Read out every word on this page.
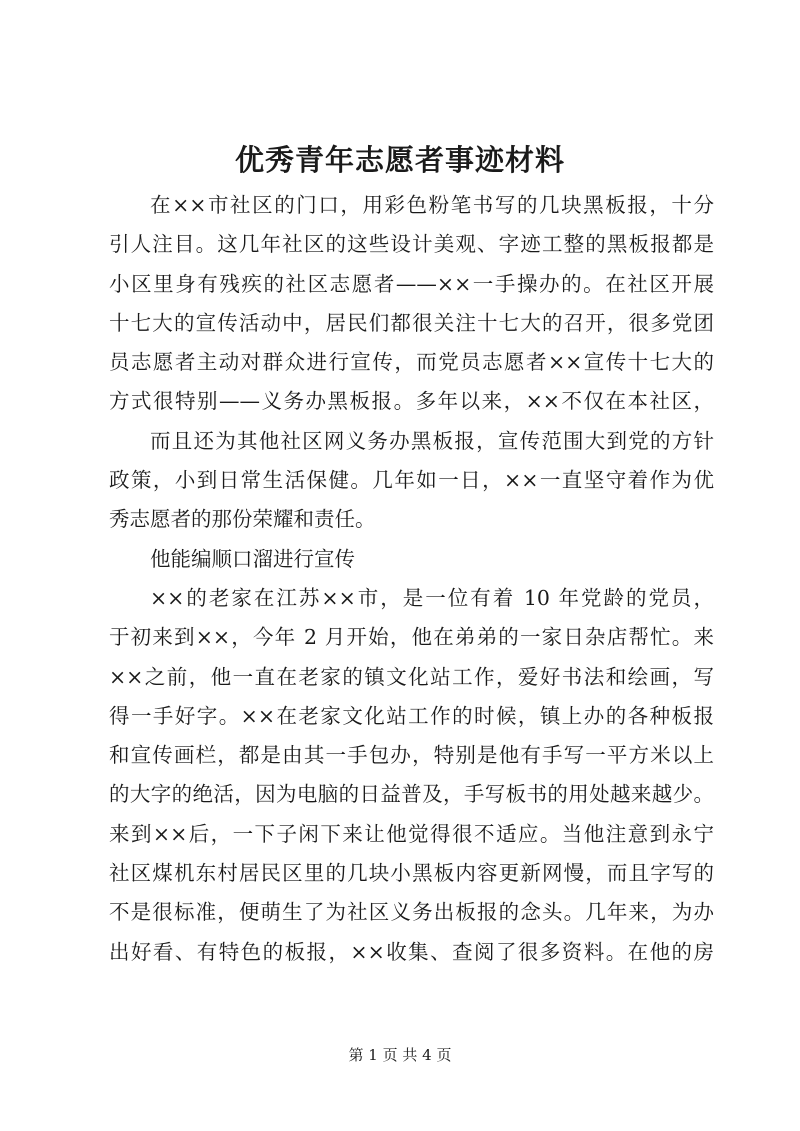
优秀青年志愿者事迹材料
在××市社区的门口，用彩色粉笔书写的几块黑板报，十分
引人注目。这几年社区的这些设计美观、字迹工整的黑板报都是
小区里身有残疾的社区志愿者——××一手操办的。在社区开展
十七大的宣传活动中，居民们都很关注十七大的召开，很多党团
员志愿者主动对群众进行宣传，而党员志愿者××宣传十七大的
方式很特别——义务办黑板报。多年以来，××不仅在本社区，
而且还为其他社区网义务办黑板报，宣传范围大到党的方针
政策，小到日常生活保健。几年如一日，××一直坚守着作为优
秀志愿者的那份荣耀和责任。
他能编顺口溜进行宣传
××的老家在江苏××市，是一位有着 10 年党龄的党员，
于初来到××，今年 2 月开始，他在弟弟的一家日杂店帮忙。来
××之前，他一直在老家的镇文化站工作，爱好书法和绘画，写
得一手好字。××在老家文化站工作的时候，镇上办的各种板报
和宣传画栏，都是由其一手包办，特别是他有手写一平方米以上
的大字的绝活，因为电脑的日益普及，手写板书的用处越来越少。
来到××后，一下子闲下来让他觉得很不适应。当他注意到永宁
社区煤机东村居民区里的几块小黑板内容更新网慢，而且字写的
不是很标准，便萌生了为社区义务出板报的念头。几年来，为办
出好看、有特色的板报，××收集、查阅了很多资料。在他的房
第 1 页 共 4 页
